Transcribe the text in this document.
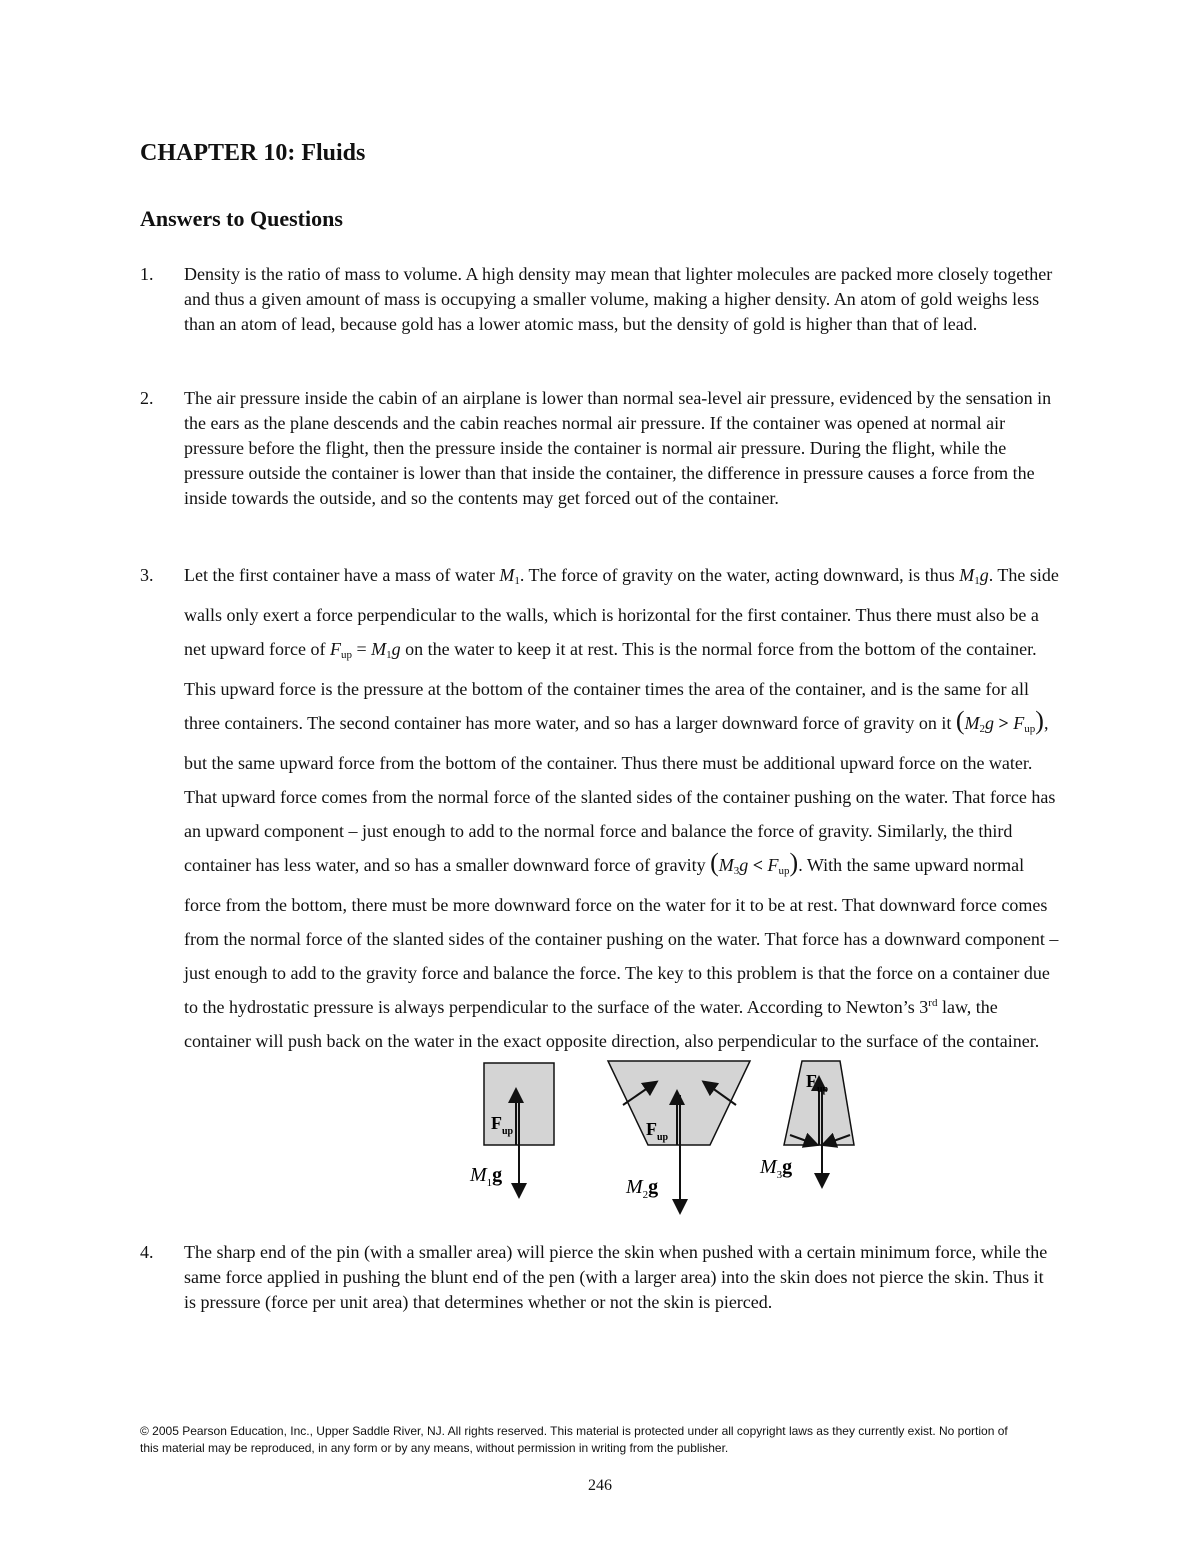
CHAPTER 10: Fluids
Answers to Questions
1. Density is the ratio of mass to volume. A high density may mean that lighter molecules are packed more closely together and thus a given amount of mass is occupying a smaller volume, making a higher density. An atom of gold weighs less than an atom of lead, because gold has a lower atomic mass, but the density of gold is higher than that of lead.
2. The air pressure inside the cabin of an airplane is lower than normal sea-level air pressure, evidenced by the sensation in the ears as the plane descends and the cabin reaches normal air pressure. If the container was opened at normal air pressure before the flight, then the pressure inside the container is normal air pressure. During the flight, while the pressure outside the container is lower than that inside the container, the difference in pressure causes a force from the inside towards the outside, and so the contents may get forced out of the container.
3. Let the first container have a mass of water $M_1$. The force of gravity on the water, acting downward, is thus $M_1g$. The side walls only exert a force perpendicular to the walls, which is horizontal for the first container. Thus there must also be a net upward force of $F_{up} = M_1g$ on the water to keep it at rest. This is the normal force from the bottom of the container. This upward force is the pressure at the bottom of the container times the area of the container, and is the same for all three containers. The second container has more water, and so has a larger downward force of gravity on it $(M_2g > F_{up})$, but the same upward force from the bottom of the container. Thus there must be additional upward force on the water. That upward force comes from the normal force of the slanted sides of the container pushing on the water. That force has an upward component – just enough to add to the normal force and balance the force of gravity. Similarly, the third container has less water, and so has a smaller downward force of gravity $(M_3g < F_{up})$. With the same upward normal force from the bottom, there must be more downward force on the water for it to be at rest. That downward force comes from the normal force of the slanted sides of the container pushing on the water. That force has a downward component – just enough to add to the gravity force and balance the force. The key to this problem is that the force on a container due to the hydrostatic pressure is always perpendicular to the surface of the water. According to Newton’s 3rd law, the container will push back on the water in the exact opposite direction, also perpendicular to the surface of the container.
$F_{up}$
$M_1g$
$F_{up}$
$M_2g$
$F_{up}$
$M_3g$
4. The sharp end of the pin (with a smaller area) will pierce the skin when pushed with a certain minimum force, while the same force applied in pushing the blunt end of the pen (with a larger area) into the skin does not pierce the skin. Thus it is pressure (force per unit area) that determines whether or not the skin is pierced.
© 2005 Pearson Education, Inc., Upper Saddle River, NJ. All rights reserved. This material is protected under all copyright laws as they currently exist. No portion of this material may be reproduced, in any form or by any means, without permission in writing from the publisher.
246
